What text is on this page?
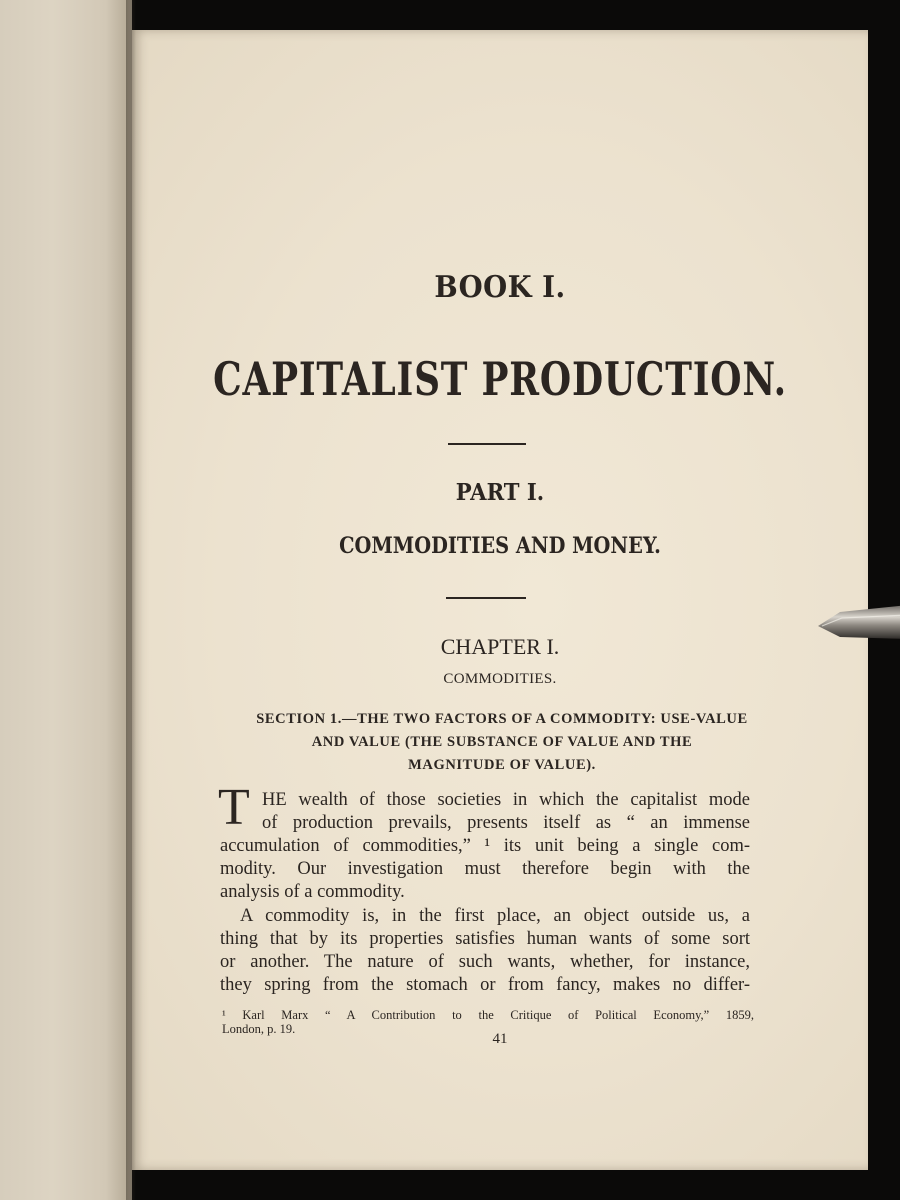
BOOK I.

CAPITALIST PRODUCTION.

PART I.

COMMODITIES AND MONEY.

CHAPTER I.

COMMODITIES.

SECTION 1.—THE TWO FACTORS OF A COMMODITY: USE-VALUE
AND VALUE (THE SUBSTANCE OF VALUE AND THE
MAGNITUDE OF VALUE).

T HE wealth of those societies in which the capitalist mode

of production prevails, presents itself as “ an immense

accumulation of commodities,” ¹ its unit being a single com-

modity. Our investigation must therefore begin with the

analysis of a commodity.

A commodity is, in the first place, an object outside us, a

thing that by its properties satisfies human wants of some sort

or another. The nature of such wants, whether, for instance,

they spring from the stomach or from fancy, makes no differ-

¹ Karl Marx “ A Contribution to the Critique of Political Economy,” 1859,

London, p. 19.

41
